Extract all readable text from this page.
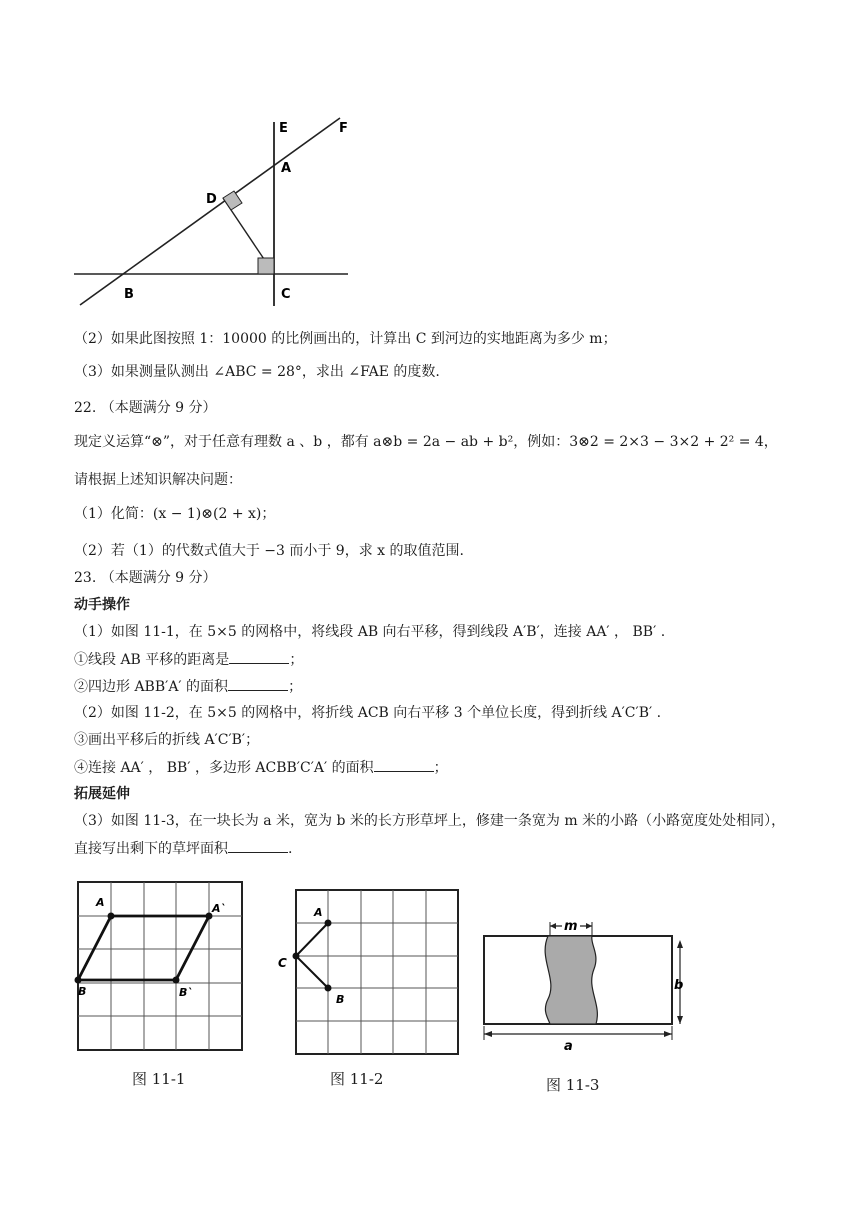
E	F
A
D
B	C
（2）如果此图按照 1：10000 的比例画出的，计算出 C 到河边的实地距离为多少 m；
（3）如果测量队测出 ∠ABC = 28°，求出 ∠FAE 的度数.
22. （本题满分 9 分）
现定义运算“⊗”，对于任意有理数 a 、b ，都有 a⊗b = 2a − ab + b²，例如：3⊗2 = 2×3 − 3×2 + 2² = 4，
请根据上述知识解决问题：
（1）化简：(x − 1)⊗(2 + x)；
（2）若（1）的代数式值大于 −3 而小于 9，求 x 的取值范围.
23. （本题满分 9 分）
动手操作
（1）如图 11-1，在 5×5 的网格中，将线段 AB 向右平移，得到线段 A′B′，连接 AA′ ， BB′ .
①线段 AB 平移的距离是	；
②四边形 ABB′A′ 的面积	；
（2）如图 11-2，在 5×5 的网格中，将折线 ACB 向右平移 3 个单位长度，得到折线 A′C′B′ .
③画出平移后的折线 A′C′B′；
④连接 AA′ ， BB′ ，多边形 ACBB′C′A′ 的面积	；
拓展延伸
（3）如图 11-3，在一块长为 a 米，宽为 b 米的长方形草坪上，修建一条宽为 m 米的小路（小路宽度处处相同），
直接写出剩下的草坪面积	.
A	A`
B	B`
图 11-1
A
C
B
图 11-2
m
b
a
图 11-3
